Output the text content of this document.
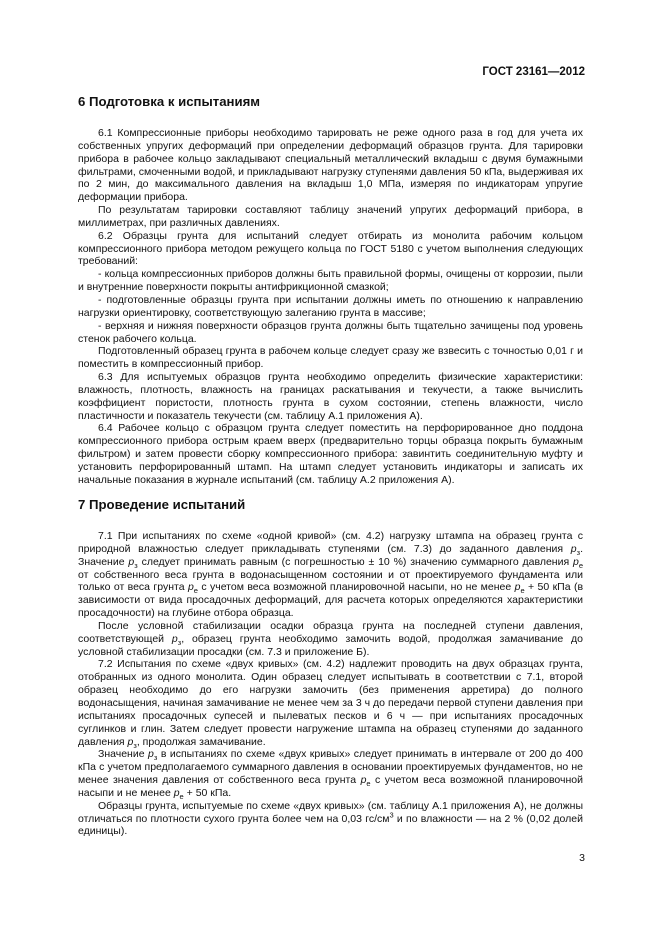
ГОСТ 23161—2012
6 Подготовка к испытаниям

6.1 Компрессионные приборы необходимо тарировать не реже одного раза в год для учета их собственных упругих деформаций при определении деформаций образцов грунта. Для тарировки прибора в рабочее кольцо закладывают специальный металлический вкладыш с двумя бумажными фильтрами, смоченными водой, и прикладывают нагрузку ступенями давления 50 кПа, выдерживая их по 2 мин, до максимального давления на вкладыш 1,0 МПа, измеряя по индикаторам упругие деформации прибора.

По результатам тарировки составляют таблицу значений упругих деформаций прибора, в миллиметрах, при различных давлениях.

6.2 Образцы грунта для испытаний следует отбирать из монолита рабочим кольцом компрессионного прибора методом режущего кольца по ГОСТ 5180 с учетом выполнения следующих требований:

- кольца компрессионных приборов должны быть правильной формы, очищены от коррозии, пыли и внутренние поверхности покрыты антифрикционной смазкой;

- подготовленные образцы грунта при испытании должны иметь по отношению к направлению нагрузки ориентировку, соответствующую залеганию грунта в массиве;

- верхняя и нижняя поверхности образцов грунта должны быть тщательно зачищены под уровень стенок рабочего кольца.

Подготовленный образец грунта в рабочем кольце следует сразу же взвесить с точностью 0,01 г и поместить в компрессионный прибор.

6.3 Для испытуемых образцов грунта необходимо определить физические характеристики: влажность, плотность, влажность на границах раскатывания и текучести, а также вычислить коэффициент пористости, плотность грунта в сухом состоянии, степень влажности, число пластичности и показатель текучести (см. таблицу А.1 приложения А).

6.4 Рабочее кольцо с образцом грунта следует поместить на перфорированное дно поддона компрессионного прибора острым краем вверх (предварительно торцы образца покрыть бумажным фильтром) и затем провести сборку компрессионного прибора: завинтить соединительную муфту и установить перфорированный штамп. На штамп следует установить индикаторы и записать их начальные показания в журнале испытаний (см. таблицу А.2 приложения А).

7 Проведение испытаний

7.1 При испытаниях по схеме «одной кривой» (см. 4.2) нагрузку штампа на образец грунта с природной влажностью следует прикладывать ступенями (см. 7.3) до заданного давления $p_з$. Значение $p_з$ следует принимать равным (с погрешностью ± 10 %) значению суммарного давления $p_е$ от собственного веса грунта в водонасыщенном состоянии и от проектируемого фундамента или только от веса грунта $p_е$ с учетом веса возможной планировочной насыпи, но не менее $p_е + 50$ кПа (в зависимости от вида просадочных деформаций, для расчета которых определяются характеристики просадочности) на глубине отбора образца.

После условной стабилизации осадки образца грунта на последней ступени давления, соответствующей $p_з$, образец грунта необходимо замочить водой, продолжая замачивание до условной стабилизации просадки (см. 7.3 и приложение Б).

7.2 Испытания по схеме «двух кривых» (см. 4.2) надлежит проводить на двух образцах грунта, отобранных из одного монолита. Один образец следует испытывать в соответствии с 7.1, второй образец необходимо до его нагрузки замочить (без применения арретира) до полного водонасыщения, начиная замачивание не менее чем за 3 ч до передачи первой ступени давления при испытаниях просадочных супесей и пылеватых песков и 6 ч — при испытаниях просадочных суглинков и глин. Затем следует провести нагружение штампа на образец ступенями до заданного давления $p_з$, продолжая замачивание.

Значение $p_з$ в испытаниях по схеме «двух кривых» следует принимать в интервале от 200 до 400 кПа с учетом предполагаемого суммарного давления в основании проектируемых фундаментов, но не менее значения давления от собственного веса грунта $p_е$ с учетом веса возможной планировочной насыпи и не менее $p_е + 50$ кПа.

Образцы грунта, испытуемые по схеме «двух кривых» (см. таблицу А.1 приложения А), не должны отличаться по плотности сухого грунта более чем на 0,03 $гс/см^3$ и по влажности — на 2 % (0,02 долей единицы).

3
